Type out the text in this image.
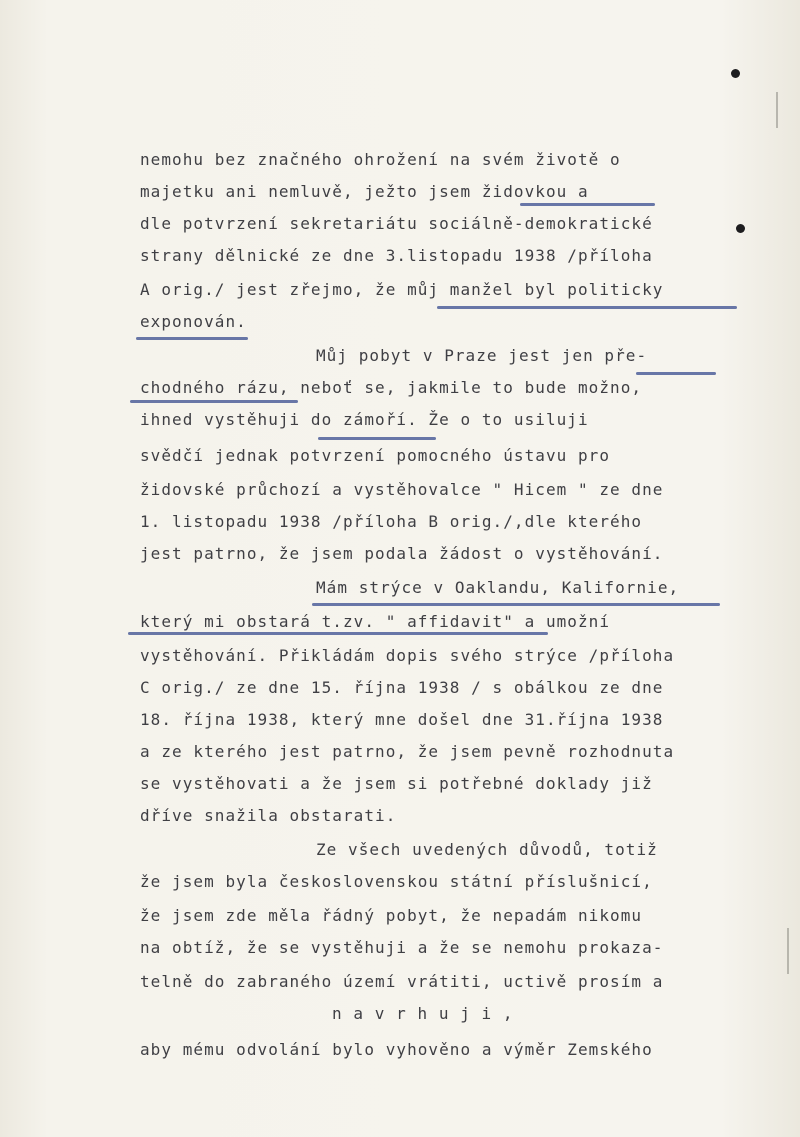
nemohu bez značného ohrožení na svém životě o
majetku ani nemluvě, ježto jsem židovkou a
dle potvrzení sekretariátu sociálně-demokratické
strany dělnické ze dne 3.listopadu 1938 /příloha
A orig./ jest zřejmo, že můj manžel byl politicky
exponován.
Můj pobyt v Praze jest jen pře-
chodného rázu, neboť se, jakmile to bude možno,
ihned vystěhuji do zámoří. Že o to usiluji
svědčí jednak potvrzení pomocného ústavu pro
židovské průchozí a vystěhovalce " Hicem " ze dne
1. listopadu 1938 /příloha B orig./,dle kterého
jest patrno, že jsem podala žádost o vystěhování.
Mám strýce v Oaklandu, Kalifornie,
který mi obstará t.zv. " affidavit" a umožní
vystěhování. Přikládám dopis svého strýce /příloha
C orig./ ze dne 15. října 1938 / s obálkou ze dne
18. října 1938, který mne došel dne 31.října 1938
a ze kterého jest patrno, že jsem pevně rozhodnuta
se vystěhovati a že jsem si potřebné doklady již
dříve snažila obstarati.
Ze všech uvedených důvodů, totiž
že jsem byla československou státní příslušnicí,
že jsem zde měla řádný pobyt, že nepadám nikomu
na obtíž, že se vystěhuji a že se nemohu prokaza-
telně do zabraného území vrátiti, uctivě prosím a
n a v r h u j i ,
aby mému odvolání bylo vyhověno a výměr Zemského
